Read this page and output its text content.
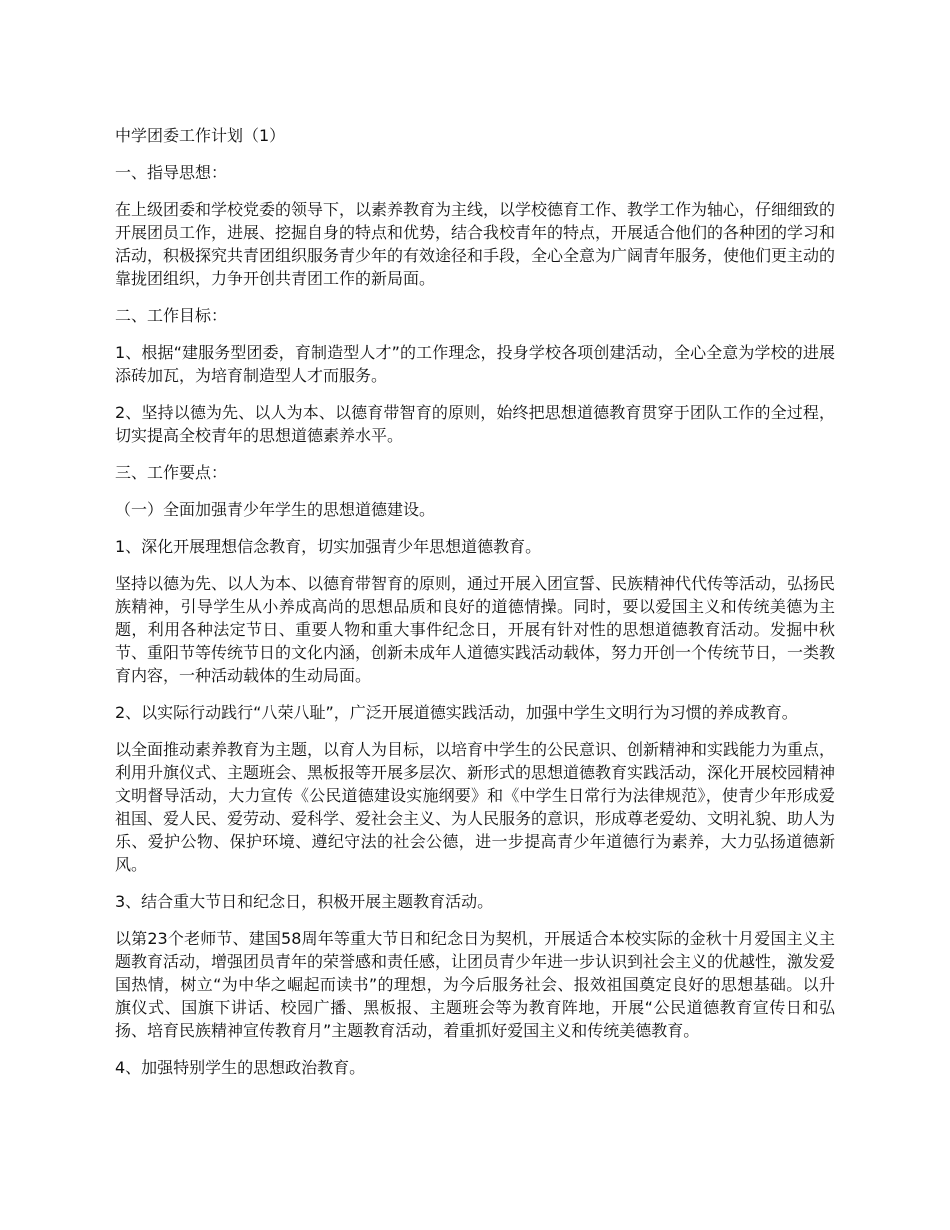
中学团委工作计划（1）

一、指导思想：

在上级团委和学校党委的领导下，以素养教育为主线，以学校德育工作、教学工作为轴心，仔细细致的开展团员工作，进展、挖掘自身的特点和优势，结合我校青年的特点，开展适合他们的各种团的学习和活动，积极探究共青团组织服务青少年的有效途径和手段，全心全意为广阔青年服务，使他们更主动的靠拢团组织，力争开创共青团工作的新局面。

二、工作目标：

1、根据“建服务型团委，育制造型人才”的工作理念，投身学校各项创建活动，全心全意为学校的进展添砖加瓦，为培育制造型人才而服务。

2、坚持以德为先、以人为本、以德育带智育的原则，始终把思想道德教育贯穿于团队工作的全过程，切实提高全校青年的思想道德素养水平。

三、工作要点：

（一）全面加强青少年学生的思想道德建设。

1、深化开展理想信念教育，切实加强青少年思想道德教育。

坚持以德为先、以人为本、以德育带智育的原则，通过开展入团宣誓、民族精神代代传等活动，弘扬民族精神，引导学生从小养成高尚的思想品质和良好的道德情操。同时，要以爱国主义和传统美德为主题，利用各种法定节日、重要人物和重大事件纪念日，开展有针对性的思想道德教育活动。发掘中秋节、重阳节等传统节日的文化内涵，创新未成年人道德实践活动载体，努力开创一个传统节日，一类教育内容，一种活动载体的生动局面。

2、以实际行动践行“八荣八耻”，广泛开展道德实践活动，加强中学生文明行为习惯的养成教育。

以全面推动素养教育为主题，以育人为目标，以培育中学生的公民意识、创新精神和实践能力为重点，利用升旗仪式、主题班会、黑板报等开展多层次、新形式的思想道德教育实践活动，深化开展校园精神文明督导活动，大力宣传《公民道德建设实施纲要》和《中学生日常行为法律规范》，使青少年形成爱祖国、爱人民、爱劳动、爱科学、爱社会主义、为人民服务的意识，形成尊老爱幼、文明礼貌、助人为乐、爱护公物、保护环境、遵纪守法的社会公德，进一步提高青少年道德行为素养，大力弘扬道德新风。

3、结合重大节日和纪念日，积极开展主题教育活动。

以第23个老师节、建国58周年等重大节日和纪念日为契机，开展适合本校实际的金秋十月爱国主义主题教育活动，增强团员青年的荣誉感和责任感，让团员青少年进一步认识到社会主义的优越性，激发爱国热情，树立“为中华之崛起而读书”的理想，为今后服务社会、报效祖国奠定良好的思想基础。以升旗仪式、国旗下讲话、校园广播、黑板报、主题班会等为教育阵地，开展“公民道德教育宣传日和弘扬、培育民族精神宣传教育月”主题教育活动，着重抓好爱国主义和传统美德教育。

4、加强特别学生的思想政治教育。
